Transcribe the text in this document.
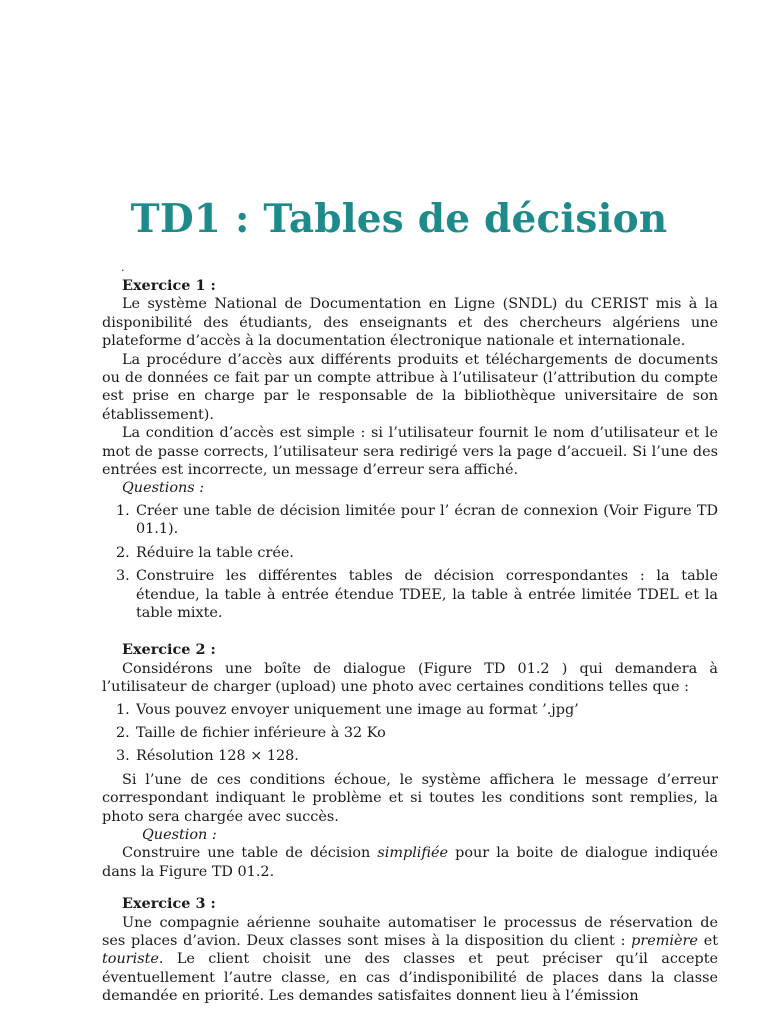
TD1 : Tables de décision
.

Exercice 1 :

Le système National de Documentation en Ligne (SNDL) du CERIST mis à la disponibilité des étudiants, des enseignants et des chercheurs algériens une plateforme d’accès à la documentation électronique nationale et internationale.

La procédure d’accès aux différents produits et téléchargements de documents ou de données ce fait par un compte attribue à l’utilisateur (l’attribution du compte est prise en charge par le responsable de la bibliothèque universitaire de son établissement).

La condition d’accès est simple : si l’utilisateur fournit le nom d’utilisateur et le mot de passe corrects, l’utilisateur sera redirigé vers la page d’accueil. Si l’une des entrées est incorrecte, un message d’erreur sera affiché.

Questions :

1. Créer une table de décision limitée pour l’ écran de connexion (Voir Figure TD 01.1).
2. Réduire la table crée.
3. Construire les différentes tables de décision correspondantes : la table étendue, la table à entrée étendue TDEE, la table à entrée limitée TDEL et la table mixte.

Exercice 2 :

Considérons une boîte de dialogue (Figure TD 01.2 ) qui demandera à l’utilisateur de charger (upload) une photo avec certaines conditions telles que :

1. Vous pouvez envoyer uniquement une image au format ’.jpg’
2. Taille de fichier inférieure à 32 Ko
3. Résolution 128 × 128.

Si l’une de ces conditions échoue, le système affichera le message d’erreur correspondant indiquant le problème et si toutes les conditions sont remplies, la photo sera chargée avec succès.

Question :

Construire une table de décision simplifiée pour la boite de dialogue indiquée dans la Figure TD 01.2.

Exercice 3 :

Une compagnie aérienne souhaite automatiser le processus de réservation de ses places d’avion. Deux classes sont mises à la disposition du client : première et touriste. Le client choisit une des classes et peut préciser qu’il accepte éventuellement l’autre classe, en cas d’indisponibilité de places dans la classe demandée en priorité. Les demandes satisfaites donnent lieu à l’émission
